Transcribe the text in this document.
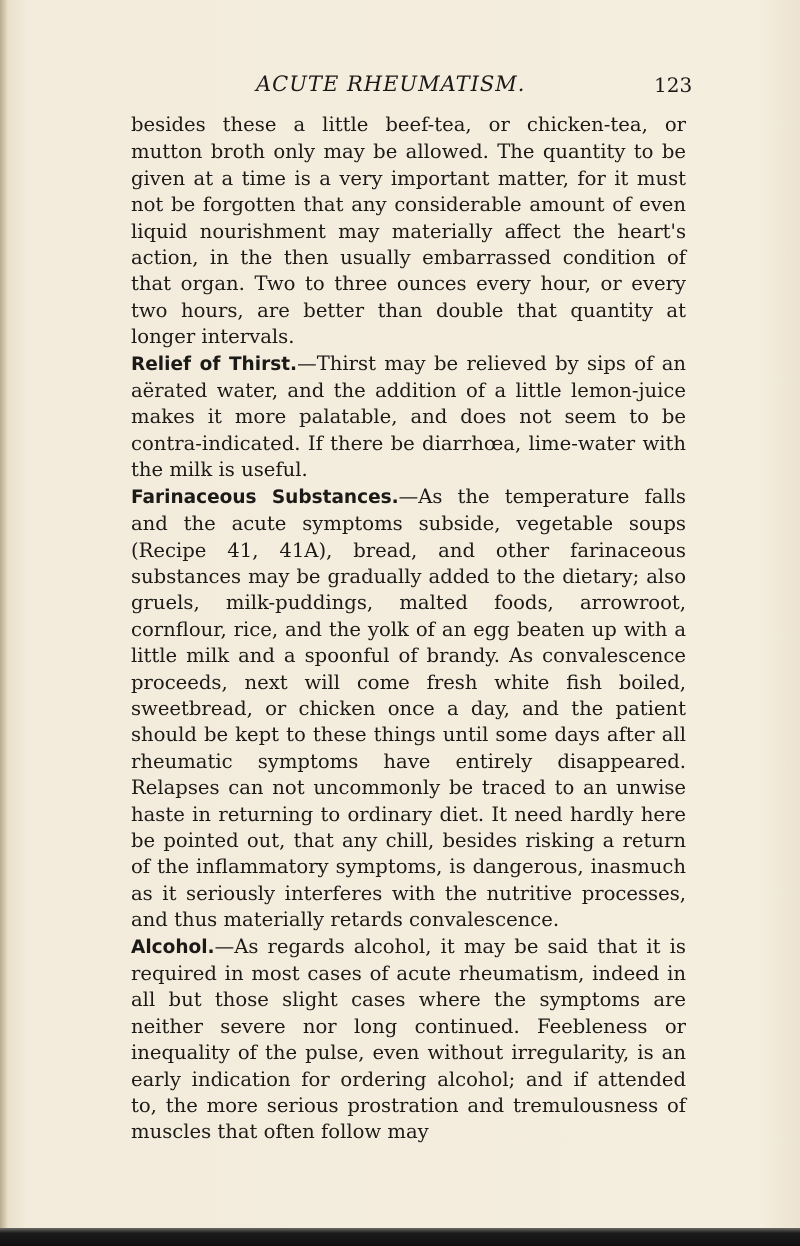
ACUTE RHEUMATISM.	123

besides these a little beef-tea, or chicken-tea, or mutton broth only may be allowed. The quantity to be given at a time is a very important matter, for it must not be forgotten that any considerable amount of even liquid nourishment may materially affect the heart's action, in the then usually embarrassed condition of that organ. Two to three ounces every hour, or every two hours, are better than double that quantity at longer intervals.

Relief of Thirst.—Thirst may be relieved by sips of an aërated water, and the addition of a little lemon-juice makes it more palatable, and does not seem to be contra-indicated. If there be diarrhœa, lime-water with the milk is useful.

Farinaceous Substances.—As the temperature falls and the acute symptoms subside, vegetable soups (Recipe 41, 41A), bread, and other farinaceous substances may be gradually added to the dietary; also gruels, milk-puddings, malted foods, arrowroot, cornflour, rice, and the yolk of an egg beaten up with a little milk and a spoonful of brandy. As convalescence proceeds, next will come fresh white fish boiled, sweetbread, or chicken once a day, and the patient should be kept to these things until some days after all rheumatic symptoms have entirely disappeared. Relapses can not uncommonly be traced to an unwise haste in returning to ordinary diet. It need hardly here be pointed out, that any chill, besides risking a return of the inflammatory symptoms, is dangerous, inasmuch as it seriously interferes with the nutritive processes, and thus materially retards convalescence.

Alcohol.—As regards alcohol, it may be said that it is required in most cases of acute rheumatism, indeed in all but those slight cases where the symptoms are neither severe nor long continued. Feebleness or inequality of the pulse, even without irregularity, is an early indication for ordering alcohol; and if attended to, the more serious prostration and tremulousness of muscles that often follow may
